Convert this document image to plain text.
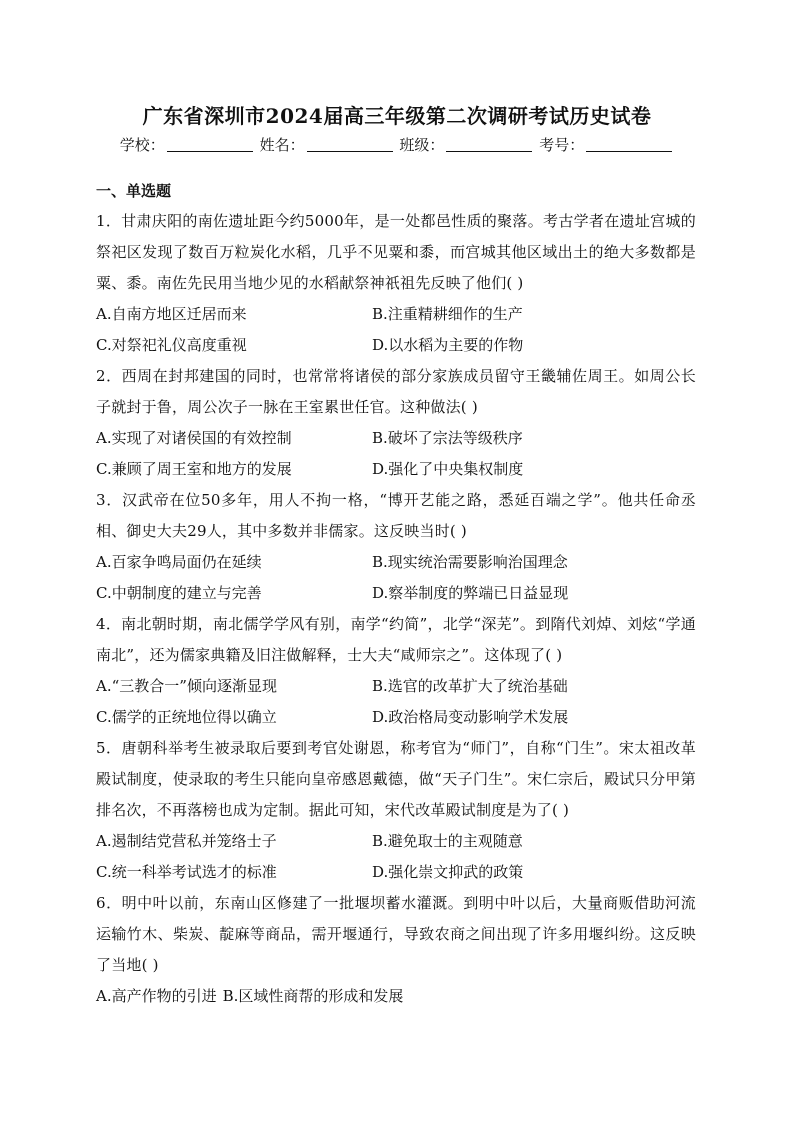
广东省深圳市2024届高三年级第二次调研考试历史试卷
学校：	姓名：	班级：	考号：
一、单选题
1．甘肃庆阳的南佐遗址距今约5000年，是一处都邑性质的聚落。考古学者在遗址宫城的祭祀区发现了数百万粒炭化水稻，几乎不见粟和黍，而宫城其他区域出土的绝大多数都是粟、黍。南佐先民用当地少见的水稻献祭神祇祖先反映了他们( )
A.自南方地区迁居而来	B.注重精耕细作的生产
C.对祭祀礼仪高度重视	D.以水稻为主要的作物
2．西周在封邦建国的同时，也常常将诸侯的部分家族成员留守王畿辅佐周王。如周公长子就封于鲁，周公次子一脉在王室累世任官。这种做法( )
A.实现了对诸侯国的有效控制	B.破坏了宗法等级秩序
C.兼顾了周王室和地方的发展	D.强化了中央集权制度
3．汉武帝在位50多年，用人不拘一格，“博开艺能之路，悉延百端之学”。他共任命丞相、御史大夫29人，其中多数并非儒家。这反映当时( )
A.百家争鸣局面仍在延续	B.现实统治需要影响治国理念
C.中朝制度的建立与完善	D.察举制度的弊端已日益显现
4．南北朝时期，南北儒学学风有别，南学“约简”，北学“深芜”。到隋代刘焯、刘炫“学通南北”，还为儒家典籍及旧注做解释，士大夫“咸师宗之”。这体现了( )
A.“三教合一”倾向逐渐显现	B.选官的改革扩大了统治基础
C.儒学的正统地位得以确立	D.政治格局变动影响学术发展
5．唐朝科举考生被录取后要到考官处谢恩，称考官为“师门”，自称“门生”。宋太祖改革殿试制度，使录取的考生只能向皇帝感恩戴德，做“天子门生”。宋仁宗后，殿试只分甲第排名次，不再落榜也成为定制。据此可知，宋代改革殿试制度是为了( )
A.遏制结党营私并笼络士子	B.避免取士的主观随意
C.统一科举考试选才的标准	D.强化崇文抑武的政策
6．明中叶以前，东南山区修建了一批堰坝蓄水灌溉。到明中叶以后，大量商贩借助河流运输竹木、柴炭、靛麻等商品，需开堰通行，导致农商之间出现了许多用堰纠纷。这反映了当地( )
A.高产作物的引进 B.区域性商帮的形成和发展
